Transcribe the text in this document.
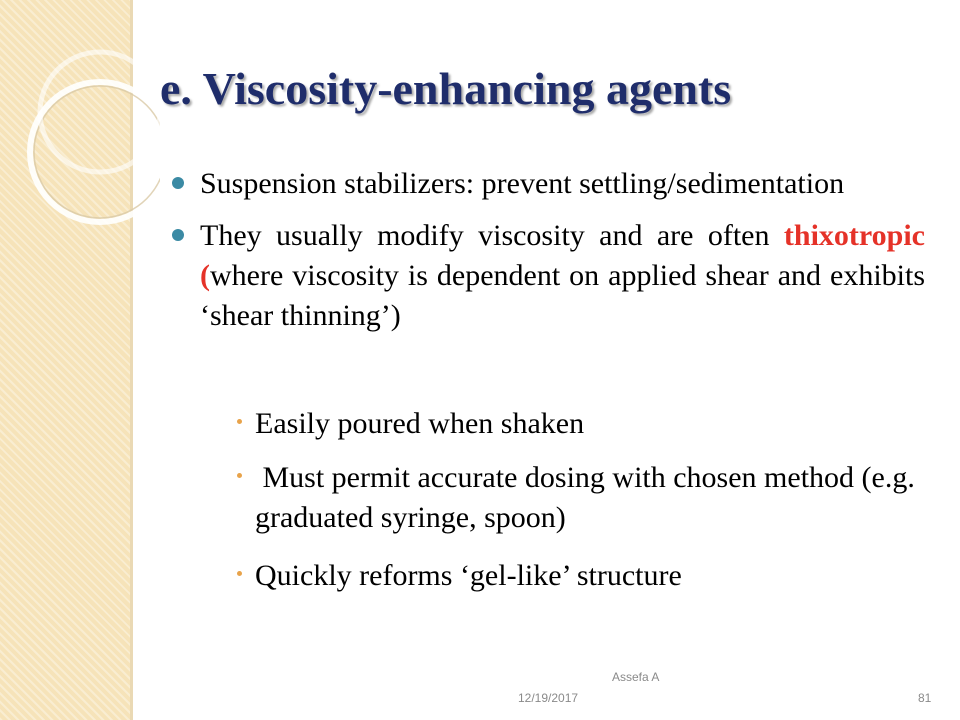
e. Viscosity-enhancing agents
Suspension stabilizers: prevent settling/sedimentation
They usually modify viscosity and are often thixotropic (where viscosity is dependent on applied shear and exhibits ‘shear thinning’)
Easily poured when shaken
Must permit accurate dosing with chosen method (e.g. graduated syringe, spoon)
Quickly reforms ‘gel-like’ structure
Assefa A
12/19/2017	81
